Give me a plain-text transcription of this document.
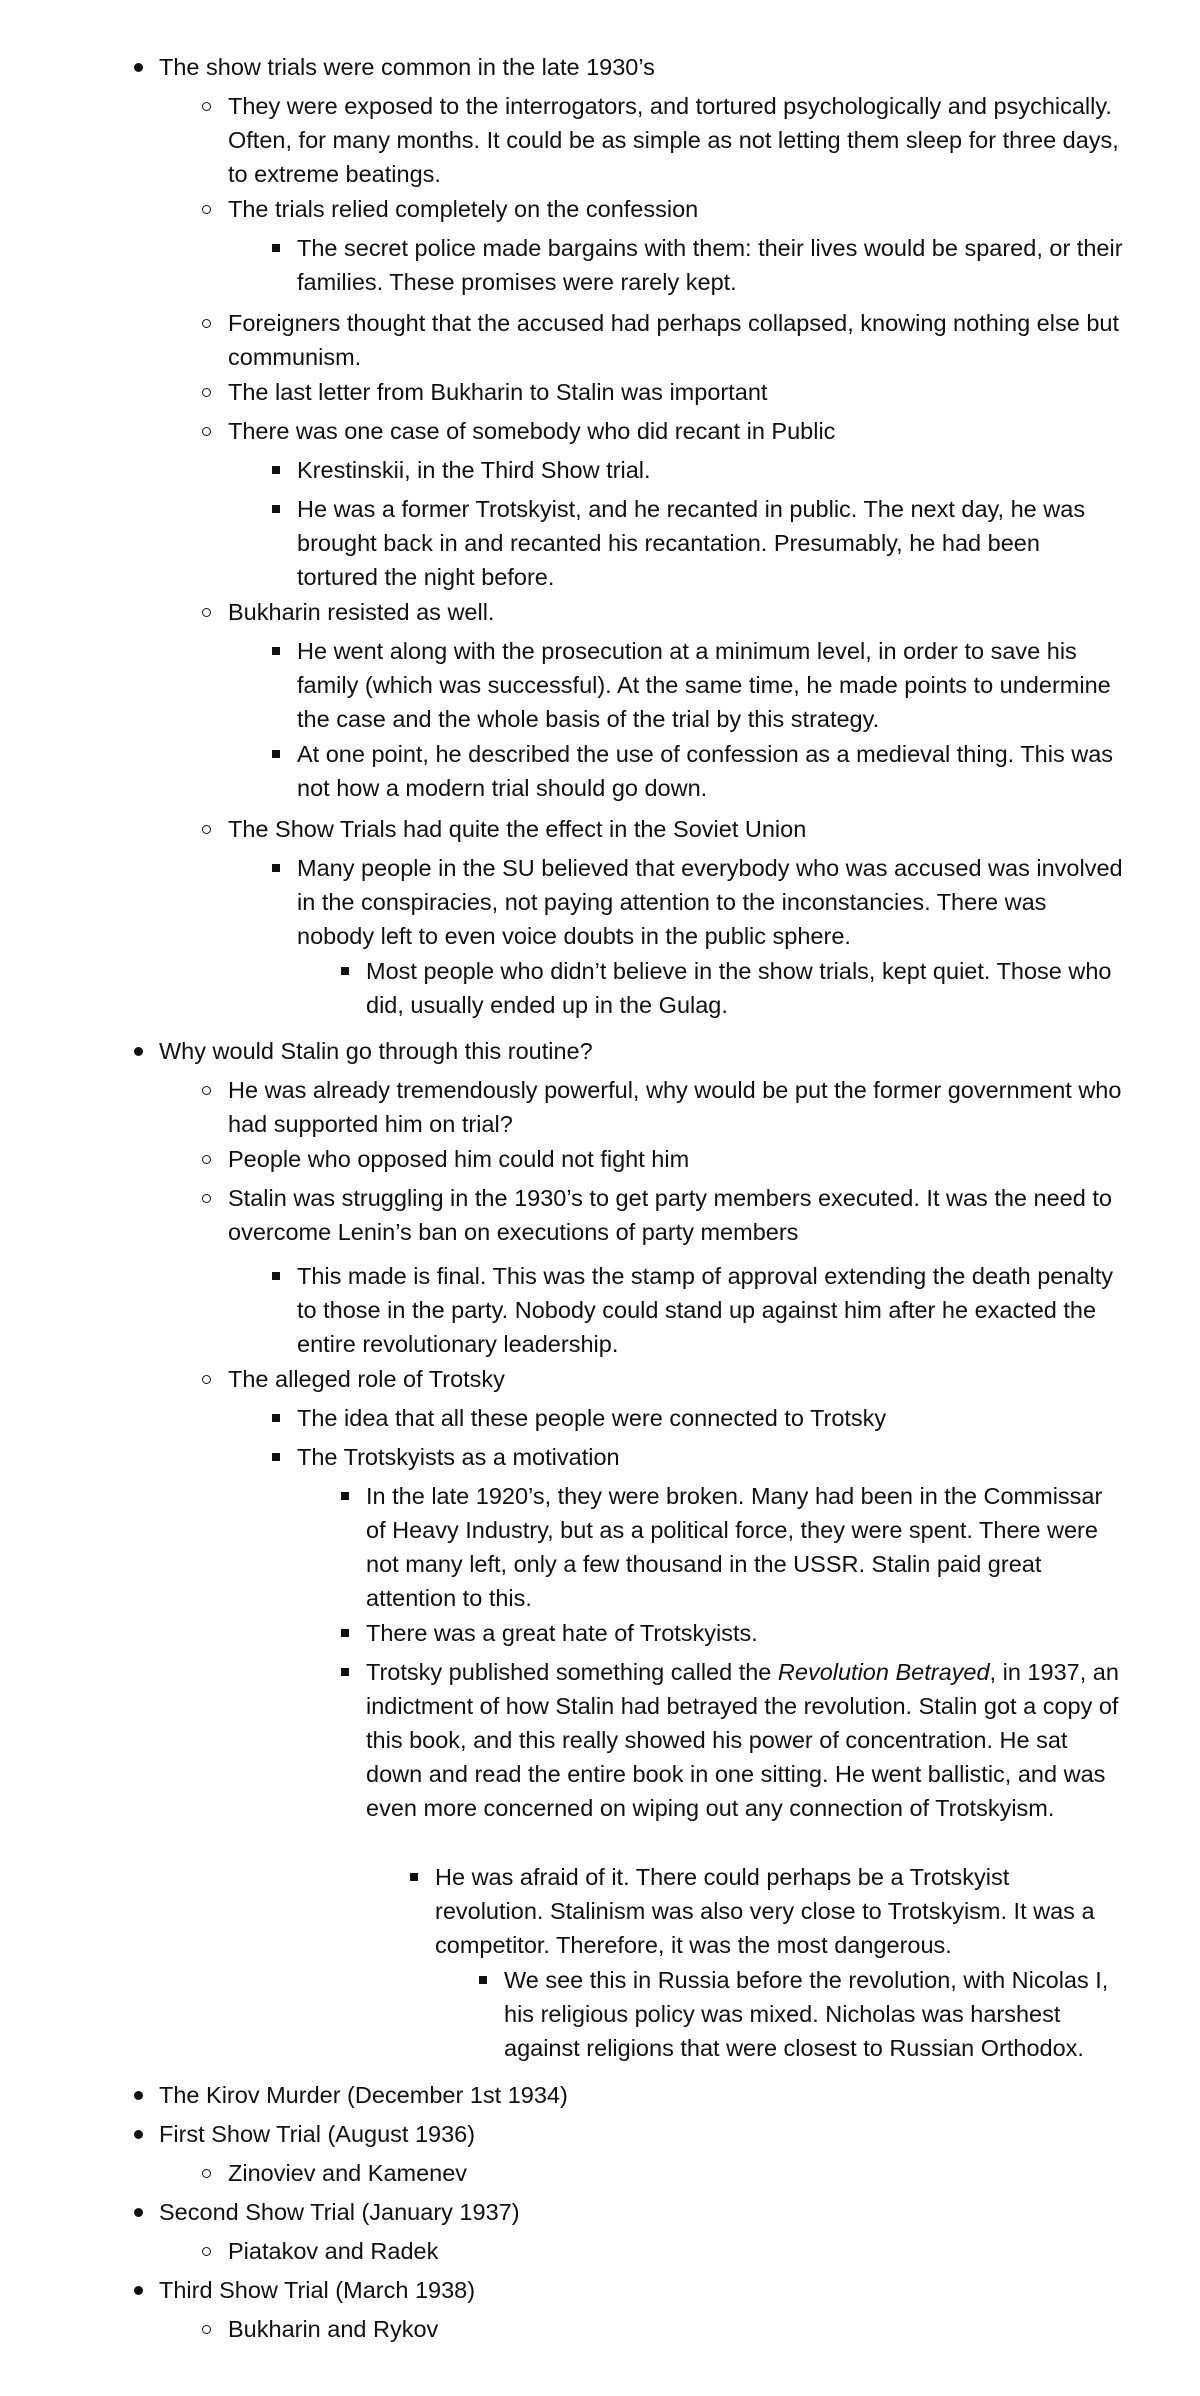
The show trials were common in the late 1930’s

They were exposed to the interrogators, and tortured psychologically and psychically. Often, for many months. It could be as simple as not letting them sleep for three days, to extreme beatings.

The trials relied completely on the confession

The secret police made bargains with them: their lives would be spared, or their families. These promises were rarely kept.

Foreigners thought that the accused had perhaps collapsed, knowing nothing else but communism.

The last letter from Bukharin to Stalin was important

There was one case of somebody who did recant in Public

Krestinskii, in the Third Show trial.

He was a former Trotskyist, and he recanted in public. The next day, he was brought back in and recanted his recantation. Presumably, he had been tortured the night before.

Bukharin resisted as well.

He went along with the prosecution at a minimum level, in order to save his family (which was successful). At the same time, he made points to undermine the case and the whole basis of the trial by this strategy.

At one point, he described the use of confession as a medieval thing. This was not how a modern trial should go down.

The Show Trials had quite the effect in the Soviet Union

Many people in the SU believed that everybody who was accused was involved in the conspiracies, not paying attention to the inconstancies. There was nobody left to even voice doubts in the public sphere.

Most people who didn’t believe in the show trials, kept quiet. Those who did, usually ended up in the Gulag.

Why would Stalin go through this routine?

He was already tremendously powerful, why would be put the former government who had supported him on trial?

People who opposed him could not fight him

Stalin was struggling in the 1930’s to get party members executed. It was the need to overcome Lenin’s ban on executions of party members

This made is final. This was the stamp of approval extending the death penalty to those in the party. Nobody could stand up against him after he exacted the entire revolutionary leadership.

The alleged role of Trotsky

The idea that all these people were connected to Trotsky

The Trotskyists as a motivation

In the late 1920’s, they were broken. Many had been in the Commissar of Heavy Industry, but as a political force, they were spent. There were not many left, only a few thousand in the USSR. Stalin paid great attention to this.

There was a great hate of Trotskyists.

Trotsky published something called the Revolution Betrayed, in 1937, an indictment of how Stalin had betrayed the revolution. Stalin got a copy of this book, and this really showed his power of concentration. He sat down and read the entire book in one sitting. He went ballistic, and was even more concerned on wiping out any connection of Trotskyism.

He was afraid of it. There could perhaps be a Trotskyist revolution. Stalinism was also very close to Trotskyism. It was a competitor. Therefore, it was the most dangerous.

We see this in Russia before the revolution, with Nicolas I, his religious policy was mixed. Nicholas was harshest against religions that were closest to Russian Orthodox.

The Kirov Murder (December 1st 1934)

First Show Trial (August 1936)

Zinoviev and Kamenev

Second Show Trial (January 1937)

Piatakov and Radek

Third Show Trial (March 1938)

Bukharin and Rykov
